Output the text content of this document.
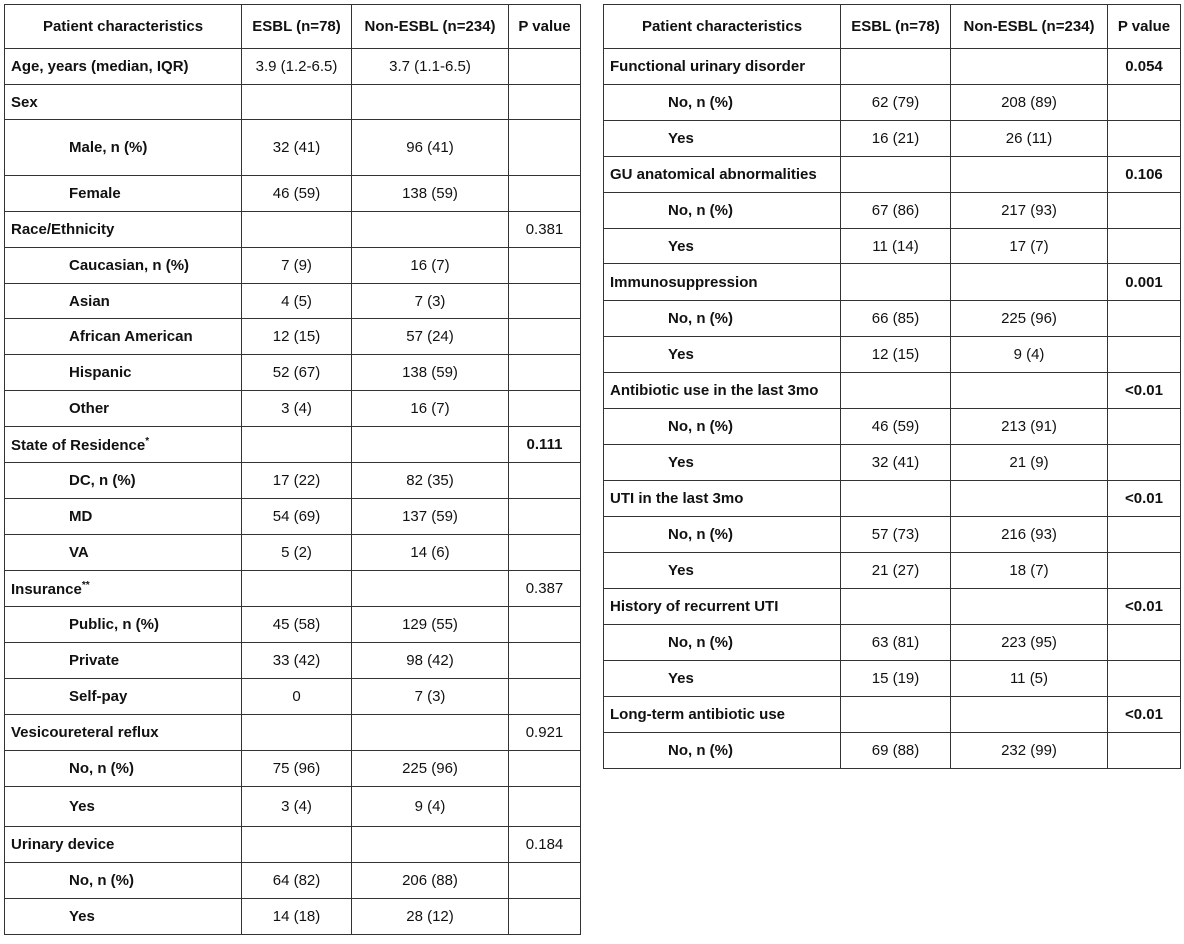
Patient characteristics	ESBL (n=78)	Non-ESBL (n=234)	P value
Age, years (median, IQR)	3.9 (1.2-6.5)	3.7 (1.1-6.5)	
Sex			
Male, n (%)	32 (41)	96 (41)	
Female	46 (59)	138 (59)	
Race/Ethnicity			0.381
Caucasian, n (%)	7 (9)	16 (7)	
Asian	4 (5)	7 (3)	
African American	12 (15)	57 (24)	
Hispanic	52 (67)	138 (59)	
Other	3 (4)	16 (7)	
State of Residence*			0.111
DC, n (%)	17 (22)	82 (35)	
MD	54 (69)	137 (59)	
VA	5 (2)	14 (6)	
Insurance**			0.387
Public, n (%)	45 (58)	129 (55)	
Private	33 (42)	98 (42)	
Self-pay	0	7 (3)	
Vesicoureteral reflux			0.921
No, n (%)	75 (96)	225 (96)	
Yes	3 (4)	9 (4)	
Urinary device			0.184
No, n (%)	64 (82)	206 (88)	
Yes	14 (18)	28 (12)	
Patient characteristics	ESBL (n=78)	Non-ESBL (n=234)	P value
Functional urinary disorder			0.054
No, n (%)	62 (79)	208 (89)	
Yes	16 (21)	26 (11)	
GU anatomical abnormalities			0.106
No, n (%)	67 (86)	217 (93)	
Yes	11 (14)	17 (7)	
Immunosuppression			0.001
No, n (%)	66 (85)	225 (96)	
Yes	12 (15)	9 (4)	
Antibiotic use in the last 3mo			<0.01
No, n (%)	46 (59)	213 (91)	
Yes	32 (41)	21 (9)	
UTI in the last 3mo			<0.01
No, n (%)	57 (73)	216 (93)	
Yes	21 (27)	18 (7)	
History of recurrent UTI			<0.01
No, n (%)	63 (81)	223 (95)	
Yes	15 (19)	11 (5)	
Long-term antibiotic use			<0.01
No, n (%)	69 (88)	232 (99)	
